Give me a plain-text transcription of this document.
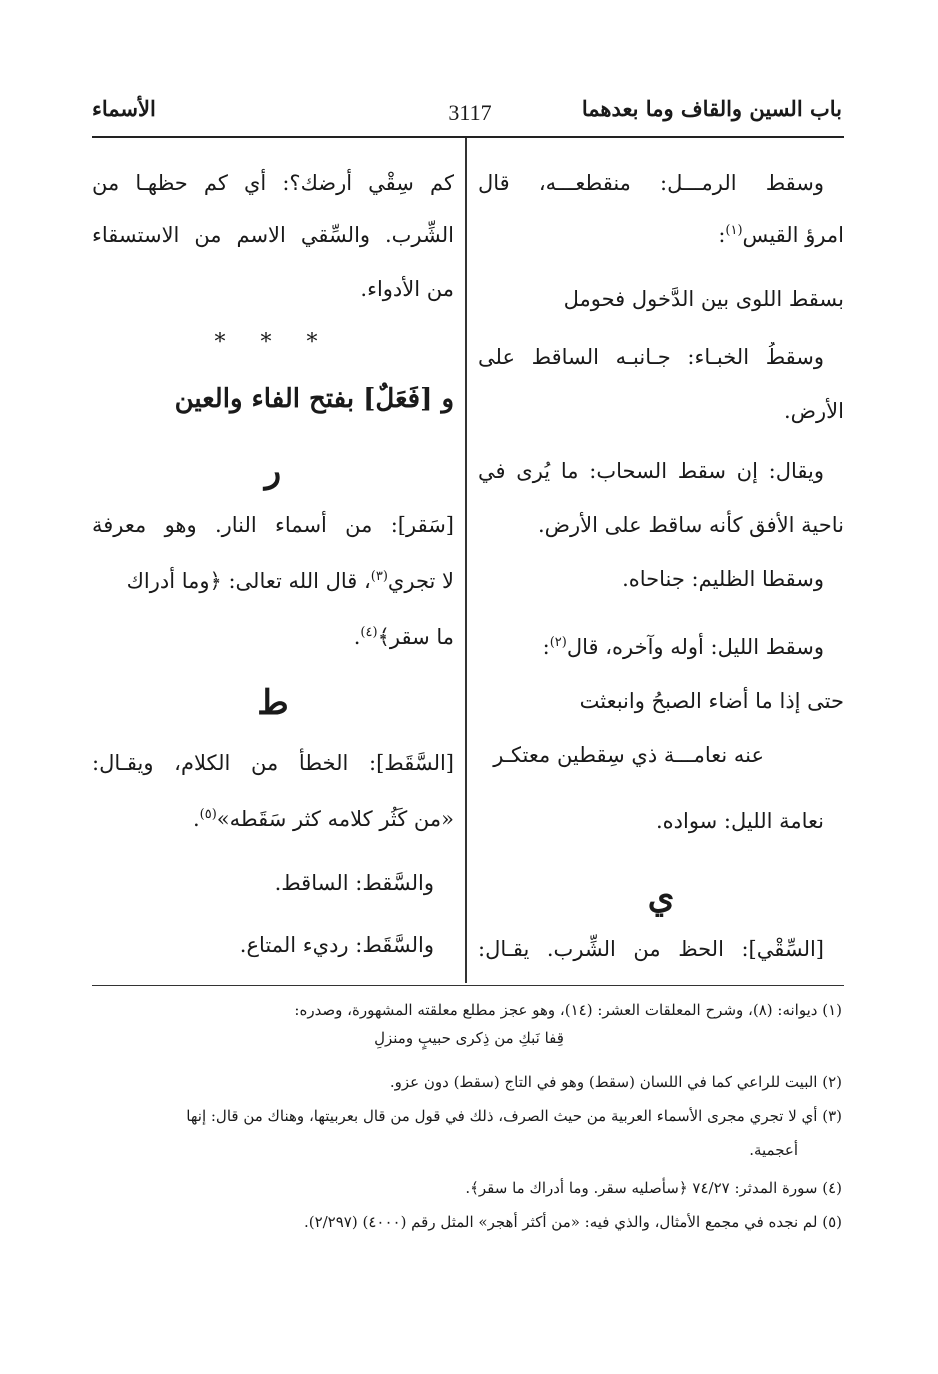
باب السين والقاف وما بعدهما
3117
الأسماء
وسقط الرمـــل: منقطعـــه، قال
امرؤ القيس$^{(١)}$:
بسقط اللوى بين الدَّخول فحومل
وسقطُ الخبـاء: جـانبـه الساقط على
الأرض.
ويقال: إن سقط السحاب: ما يُرى في
ناحية الأفق كأنه ساقط على الأرض.
وسقطا الظليم: جناحاه.
وسقط الليل: أوله وآخره، قال$^{(٢)}$:
حتى إذا ما أضاء الصبحُ وانبعثت
عنه نعامـــة ذي سِقطين معتكـر
نعامة الليل: سواده.
ي
[السِّقْي]: الحظ من الشِّرب. يقـال:
كم سِقْي أرضك؟: أي كم حظهـا من
الشِّرب. والسِّقي الاسم من الاستسقاء
من الأدواء.
* * *
و [فَعَلٌ] بفتح الفاء والعين
ر
[سَقر]: من أسماء النار. وهو معرفة
لا تجري$^{(٣)}$، قال الله تعالى: ﴿وما أدراك
ما سقر﴾$^{(٤)}$.
ط
[السَّقَط]: الخطأ من الكلام، ويقـال:
«من كَثُر كلامه كثر سَقَطه»$^{(٥)}$.
والسَّقط: الساقط.
والسَّقَط: رديء المتاع.
(١) ديوانه: (٨)، وشرح المعلقات العشر: (١٤)، وهو عجز مطلع معلقته المشهورة، وصدره:
قِفا نَبكِ من ذِكرى حبيبٍ ومنزلِ
(٢) البيت للراعي كما في اللسان (سقط) وهو في التاج (سقط) دون عزو.
(٣) أي لا تجري مجرى الأسماء العربية من حيث الصرف، ذلك في قول من قال بعربيتها، وهناك من قال: إنها
أعجمية.
(٤) سورة المدثر: ٧٤/٢٧ ﴿سأصليه سقر. وما أدراك ما سقر﴾.
(٥) لم نجده في مجمع الأمثال، والذي فيه: «من أكثر أهجر» المثل رقم (٤٠٠٠) (٢/٢٩٧).
